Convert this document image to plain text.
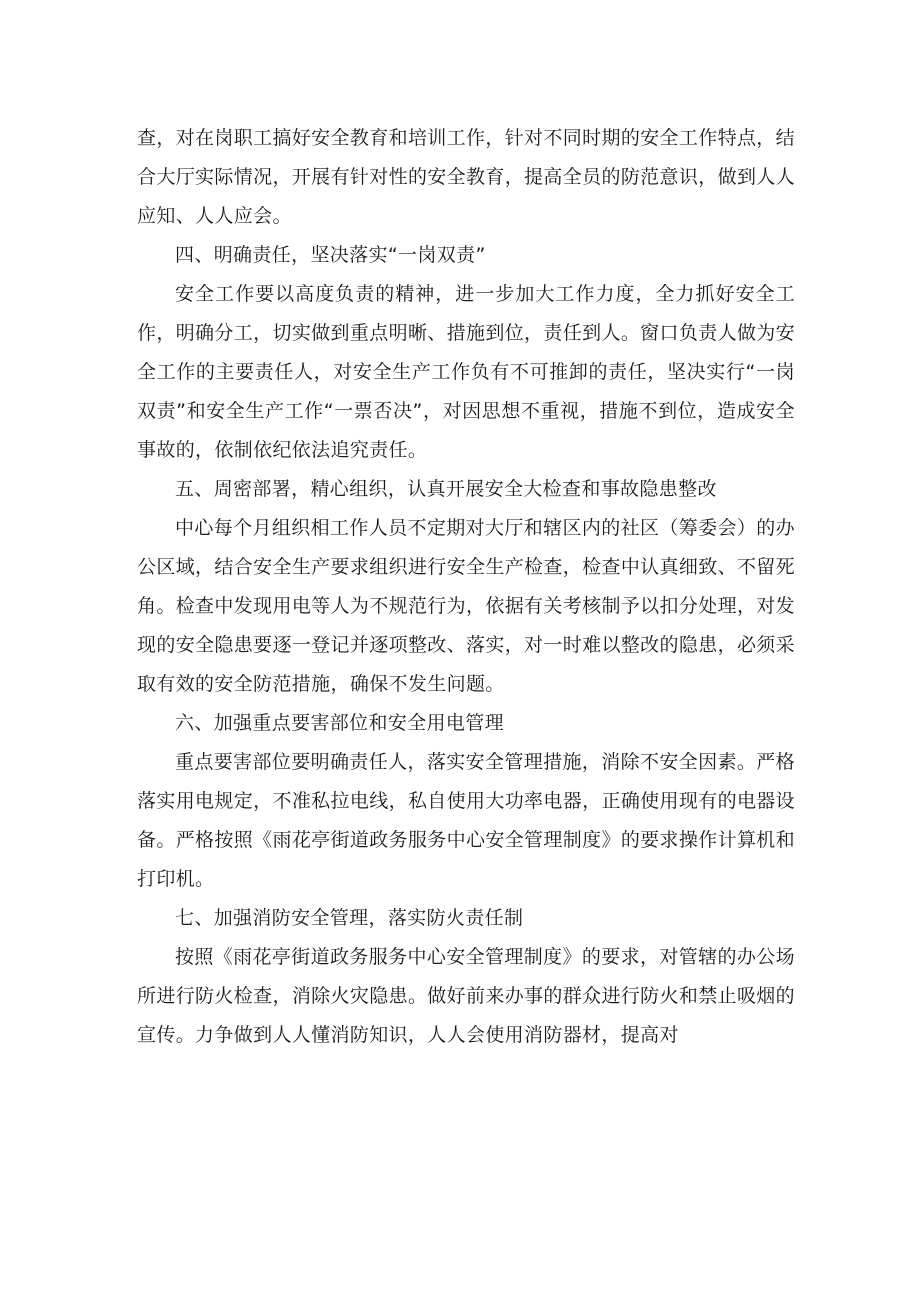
查，对在岗职工搞好安全教育和培训工作，针对不同时期的安全工作特点，结合大厅实际情况，开展有针对性的安全教育，提高全员的防范意识，做到人人应知、人人应会。

四、明确责任，坚决落实“一岗双责”

安全工作要以高度负责的精神，进一步加大工作力度，全力抓好安全工作，明确分工，切实做到重点明晰、措施到位，责任到人。窗口负责人做为安全工作的主要责任人，对安全生产工作负有不可推卸的责任，坚决实行“一岗双责”和安全生产工作“一票否决”，对因思想不重视，措施不到位，造成安全事故的，依制依纪依法追究责任。

五、周密部署，精心组织，认真开展安全大检查和事故隐患整改

中心每个月组织相工作人员不定期对大厅和辖区内的社区（筹委会）的办公区域，结合安全生产要求组织进行安全生产检查，检查中认真细致、不留死角。检查中发现用电等人为不规范行为，依据有关考核制予以扣分处理，对发现的安全隐患要逐一登记并逐项整改、落实，对一时难以整改的隐患，必须采取有效的安全防范措施，确保不发生问题。

六、加强重点要害部位和安全用电管理

重点要害部位要明确责任人，落实安全管理措施，消除不安全因素。严格落实用电规定，不准私拉电线，私自使用大功率电器，正确使用现有的电器设备。严格按照《雨花亭街道政务服务中心安全管理制度》的要求操作计算机和打印机。

七、加强消防安全管理，落实防火责任制

按照《雨花亭街道政务服务中心安全管理制度》的要求，对管辖的办公场所进行防火检查，消除火灾隐患。做好前来办事的群众进行防火和禁止吸烟的宣传。力争做到人人懂消防知识，人人会使用消防器材，提高对
